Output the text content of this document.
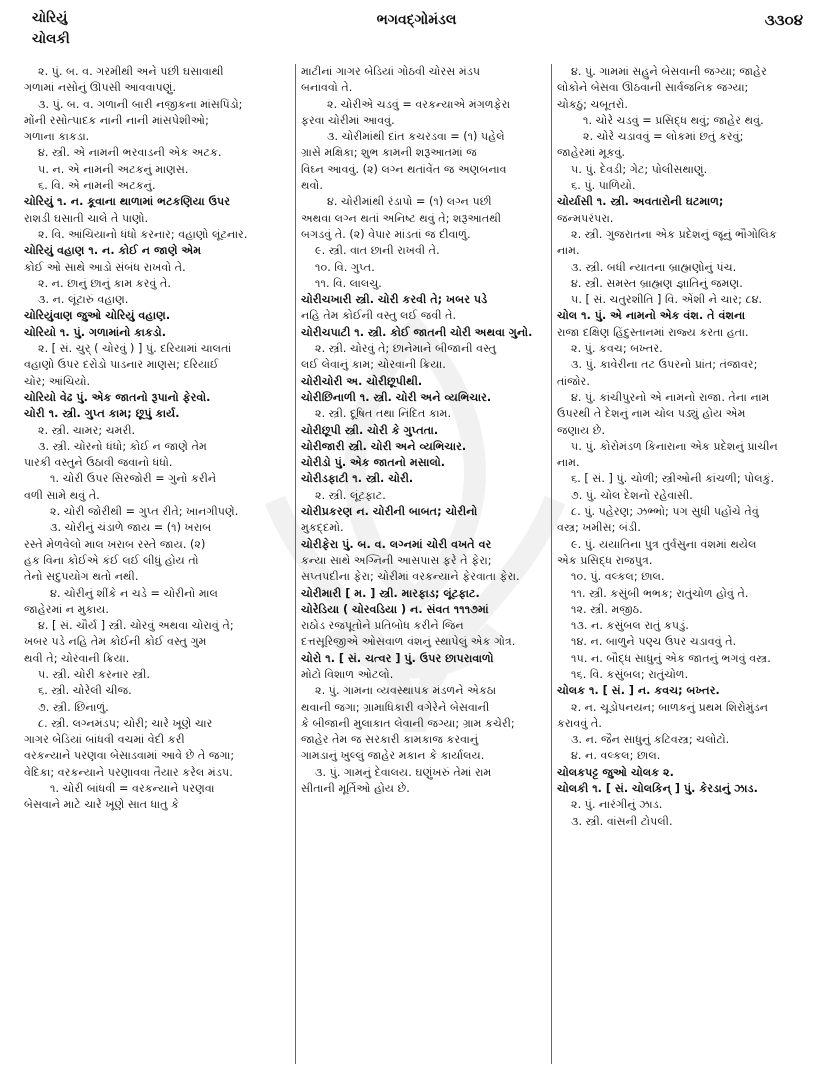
ચોરિયું
ચોલકી
ભગવદ્ગોમંડલ	૩૩૦૪
૨. પું. બ. વ. ગરમીથી અને પછી ઘસાવાથી
ગળામાં નસોનું ઊપસી આવવાપણું.
૩. પું. બ. વ. ગળાની બારી નજીકના માંસપિંડો;
મોંની રસોત્પાદક નાની નાની માંસપેશીઓ;
ગળાના કાકડા.
૪. સ્ત્રી. એ નામની ભરવાડની એક અટક.
૫. ન. એ નામની અટકનું માણસ.
૬. વિ. એ નામની અટકનું.
ચોરિયું ૧. ન. કૂવાના થાળામાં ભટકણિયા ઉપર
રાશડી ઘસાતી ચાલે તે પાણો.
૨. વિ. આંચિયાનો ધંધો કરનાર; વહાણો લૂંટનાર.
ચોરિયું વહાણ ૧. ન. કોઈ ન જાણે એમ
કોઈ ઓ સાથે આડો સંબંધ રાખવો તે.
૨. ન. છાનું છાનું કામ કરવું તે.
૩. ન. લૂંટારું વહાણ.
ચોરિયુંવાણ જુઓ ચોરિયું વહાણ.
ચોરિયો ૧. પું. ગળામાંનો કાકડો.
૨. [ સં. ચુર્ ( ચોરવું ) ] પું. દરિયામાં ચાલતાં
વહાણો ઉપર દરોડો પાડનાર માણસ; દરિયાઈ
ચોર; આંચિયો.
ચોરિયો વેઢ પું. એક જાતનો રૂપાનો ફેરવો.
ચોરી ૧. સ્ત્રી. ગુપ્ત કામ; છૂપું કાર્ય.
૨. સ્ત્રી. ચામર; ચમરી.
૩. સ્ત્રી. ચોરનો ધંધો; કોઈ ન જાણે તેમ
પારકી વસ્તુને ઉઠાવી જવાનો ધંધો.
૧. ચોરી ઉપર સિરજોરી = ગુનો કરીને
વળી સામે થવું તે.
૨. ચોરી જોરીથી = ગુપ્ત રીતે; ખાનગીપણે.
૩. ચોરીનું ચંડાળે જાય = (૧) ખરાબ
રસ્તે મેળવેલો માલ ખરાબ રસ્તે જાય. (૨)
હક વિના કોઈએ કંઈ લઈ લીધું હોય તો
તેનો સદુપયોગ થતો નથી.
૪. ચોરીનું શીંકે ન ચડે = ચોરીનો માલ
જાહેરમાં ન મુકાય.
૪. [ સં. ચૌર્ય ] સ્ત્રી. ચોરવું અથવા ચોરાવું તે;
ખબર પડે નહિ તેમ કોઈની કોઈ વસ્તુ ગુમ
થવી તે; ચોરવાની ક્રિયા.
૫. સ્ત્રી. ચોરી કરનાર સ્ત્રી.
૬. સ્ત્રી. ચોરેલી ચીજ.
૭. સ્ત્રી. છિનાળું.
૮. સ્ત્રી. લગ્નમંડપ; ચોરી; ચારે ખૂણે ચાર
ગાગર બેડિયાં બાંધવી વચમાં વેદી કરી
વરકન્યાને પરણવા બેસાડવામાં આવે છે તે જગા;
વેદિકા; વરકન્યાને પરણાવવા તૈયાર કરેલ મંડપ.
૧. ચોરી બાંધવી = વરકન્યાને પરણવા
બેસવાને માટે ચારે ખૂણે સાત ધાતુ કે
માટીનાં ગાગર બેડિયાં ગોઠવી ચોરસ મંડપ
બનાવવો તે.
૨. ચોરીએ ચડવું = વરકન્યાએ મંગળફેરા
ફરવા ચોરીમાં આવવું.
૩. ચોરીમાંથી દાંત કચરડવા = (૧) પહેલે
ગ્રાસે મક્ષિકા; શુભ કામની શરૂઆતમાં જ
વિઘ્ન આવવું. (૨) લગ્ન થતાંવેંત જ અણબનાવ
થવો.
૪. ચોરીમાંથી રંડાપો = (૧) લગ્ન પછી
અથવા લગ્ન થતાં અનિષ્ટ થવું તે; શરૂઆતથી
બગડવું તે. (૨) વેપાર માંડતાં જ દીવાળું.
૯. સ્ત્રી. વાત છાની રાખવી તે.
૧૦. વિ. ગુપ્ત.
૧૧. વિ. લાલચુ.
ચોરીચખારી સ્ત્રી. ચોરી કરવી તે; ખબર પડે
નહિ તેમ કોઈની વસ્તુ લઈ જવી તે.
ચોરીચપાટી ૧. સ્ત્રી. કોઈ જાતની ચોરી અથવા ગુનો.
૨. સ્ત્રી. ચોરવું તે; છાનેમાને બીજાની વસ્તુ
લઈ લેવાનું કામ; ચોરવાની ક્રિયા.
ચોરીચોરી અ. ચોરીછૂપીથી.
ચોરીછિનાળી ૧. સ્ત્રી. ચોરી અને વ્યભિચાર.
૨. સ્ત્રી. દૂષિત તથા નિંદિત કામ.
ચોરીછૂપી સ્ત્રી. ચોરી કે ગુપ્તતા.
ચોરીજારી સ્ત્રી. ચોરી અને વ્યભિચાર.
ચોરીડો પું. એક જાતનો મસાલો.
ચોરીડફાટી ૧. સ્ત્રી. ચોરી.
૨. સ્ત્રી. લૂંટફાટ.
ચોરીપ્રકરણ ન. ચોરીની બાબત; ચોરીનો
મુકદ્દમો.
ચોરીફેરા પું. બ. વ. લગ્નમાં ચોરી વખતે વર
કન્યા સાથે અગ્નિની આસપાસ ફરે તે ફેરા;
સપ્તપદીના ફેરા; ચોરીમાં વરકન્યાને ફેરવાતા ફેરા.
ચોરીમારી [ મ. ] સ્ત્રી. મારફાડ; લૂંટફાટ.
ચોરેડિયા ( ચોરવડિયા ) ન. સંવત ૧૧૧૭માં
રાઠોડ રજપૂતોને પ્રતિબોધ કરીને જિન
દત્તસૂરિજીએ ઓસવાળ વંશનું સ્થાપેલું એક ગોત્ર.
ચોરો ૧. [ સં. ચત્વર ] પું. ઉપર છાપરાવાળો
મોટો વિશાળ ઓટલો.
૨. પું. ગામના વ્યવસ્થાપક મંડળને એકઠા
થવાની જગા; ગ્રામાધિકારી વગેરેને બેસવાની
કે બીજાની મુલાકાત લેવાની જગ્યા; ગ્રામ કચેરી;
જાહેર તેમ જ સરકારી કામકાજ કરવાનું
ગામડાનું ખુલ્લું જાહેર મકાન કે કાર્યાલય.
૩. પું. ગામનું દેવાલય. ઘણુંખરું તેમાં રામ
સીતાની મૂર્તિઓ હોય છે.
૪. પું. ગામમાં સહુને બેસવાની જગ્યા; જાહેર
લોકોને બેસવા ઊઠવાની સાર્વજનિક જગ્યા;
ચોકઠું; ચબૂતરો.
૧. ચોરે ચડવું = પ્રસિદ્ધ થવું; જાહેર થવું.
૨. ચોરે ચડાવવું = લોકમાં છતું કરવું;
જાહેરમાં મૂકવું.
૫. પું. દેવડી; ગેટ; પોલીસથાણું.
૬. પું. પાળિયો.
ચોર્યાસી ૧. સ્ત્રી. અવતારોની ઘટમાળ;
જન્મપરંપરા.
૨. સ્ત્રી. ગુજરાતના એક પ્રદેશનું જૂનું ભૌગોલિક
નામ.
૩. સ્ત્રી. બધી ન્યાતના બ્રાહ્મણોનું પંચ.
૪. સ્ત્રી. સમસ્ત બ્રાહ્મણ જ્ઞાતિનું જમણ.
૫. [ સં. ચતુરશીતિ ] વિ. એંશી ને ચાર; ૮૪.
ચોલ ૧. પું. એ નામનો એક વંશ. તે વંશના
રાજા દક્ષિણ હિંદુસ્તાનમાં રાજ્ય કરતા હતા.
૨. પું. કવચ; બખ્તર.
૩. પું. કાવેરીના તટ ઉપરનો પ્રાંત; તંજાવર;
તાંજોર.
૪. પું. કાંચીપુરનો એ નામનો રાજા. તેના નામ
ઉપરથી તે દેશનું નામ ચોલ પડ્યું હોય એમ
જણાય છે.
૫. પું. કોરોમંડળ કિનારાના એક પ્રદેશનું પ્રાચીન
નામ.
૬. [ સં. ] પું. ચોળી; સ્ત્રીઓની કાંચળી; પોલકું.
૭. પું. ચોલ દેશનો રહેવાસી.
૮. પું. પહેરણ; ઝભ્ભો; પગ સુધી પહોંચે તેવું
વસ્ત્ર; ખમીસ; બંડી.
૯. પું. યયાતિના પુત્ર તુર્વસુના વંશમાં થયેલ
એક પ્રસિદ્ધ રાજપુત્ર.
૧૦. પું. વલ્કલ; છાલ.
૧૧. સ્ત્રી. કસુંબી ભભક; રાતુંચોળ હોવું તે.
૧૨. સ્ત્રી. મજીઠ.
૧૩. ન. કસુંબલ રાતું કપડું.
૧૪. ન. બાળુને પણ્ચ ઉપર ચડાવવું તે.
૧૫. ન. બૌદ્ધ સાધુનું એક જાતનું ભગવું વસ્ત્ર.
૧૬. વિ. કસુંબલ; રાતુંચોળ.
ચોલક ૧. [ સં. ] ન. કવચ; બખ્તર.
૨. ન. ચૂડોપનયન; બાળકનું પ્રથમ શિરોમુંડન
કરાવવું તે.
૩. ન. જૈન સાધુનું કટિવસ્ત્ર; ચલોટો.
૪. ન. વલ્કલ; છાલ.
ચોલકપટ્ટ જુઓ ચોલક ૨.
ચોલકી ૧. [ સં. ચોલકિન્ ] પું. કેરડાનું ઝાડ.
૨. પું. નારંગીનું ઝાડ.
૩. સ્ત્રી. વાંસની ટોપલી.
